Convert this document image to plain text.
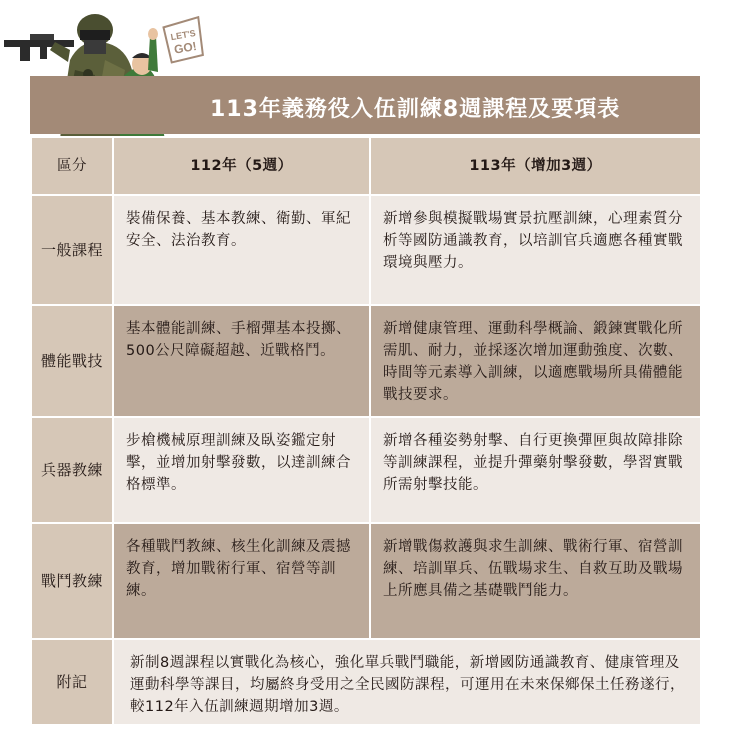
LET'S
GO!
113年義務役入伍訓練8週課程及要項表
區分	112年（5週）	113年（增加3週）
一般課程	裝備保養、基本教練、衛勤、軍紀安全、法治教育。	新增參與模擬戰場實景抗壓訓練，心理素質分析等國防通識教育，以培訓官兵適應各種實戰環境與壓力。
體能戰技	基本體能訓練、手榴彈基本投擲、500公尺障礙超越、近戰格鬥。	新增健康管理、運動科學概論、鍛鍊實戰化所需肌、耐力，並採逐次增加運動強度、次數、時間等元素導入訓練，以適應戰場所具備體能戰技要求。
兵器教練	步槍機械原理訓練及臥姿鑑定射擊，並增加射擊發數，以達訓練合格標準。	新增各種姿勢射擊、自行更換彈匣與故障排除等訓練課程，並提升彈藥射擊發數，學習實戰所需射擊技能。
戰鬥教練	各種戰鬥教練、核生化訓練及震撼教育，增加戰術行軍、宿營等訓練。	新增戰傷救護與求生訓練、戰術行軍、宿營訓練、培訓單兵、伍戰場求生、自救互助及戰場上所應具備之基礎戰鬥能力。
附記	新制8週課程以實戰化為核心，強化單兵戰鬥職能，新增國防通識教育、健康管理及運動科學等課目，均屬終身受用之全民國防課程，可運用在未來保鄉保土任務遂行，較112年入伍訓練週期增加3週。	
